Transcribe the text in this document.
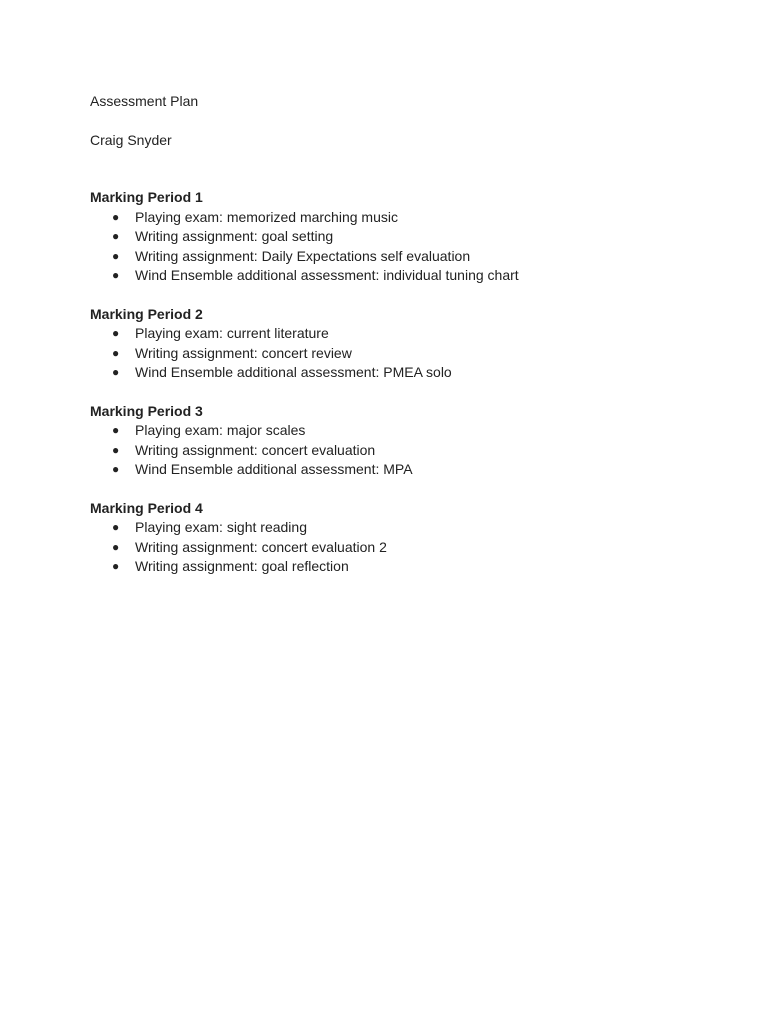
Assessment Plan
Craig Snyder
Marking Period 1
● Playing exam: memorized marching music
● Writing assignment: goal setting
● Writing assignment: Daily Expectations self evaluation
● Wind Ensemble additional assessment: individual tuning chart
Marking Period 2
● Playing exam: current literature
● Writing assignment: concert review
● Wind Ensemble additional assessment: PMEA solo
Marking Period 3
● Playing exam: major scales
● Writing assignment: concert evaluation
● Wind Ensemble additional assessment: MPA
Marking Period 4
● Playing exam: sight reading
● Writing assignment: concert evaluation 2
● Writing assignment: goal reflection
